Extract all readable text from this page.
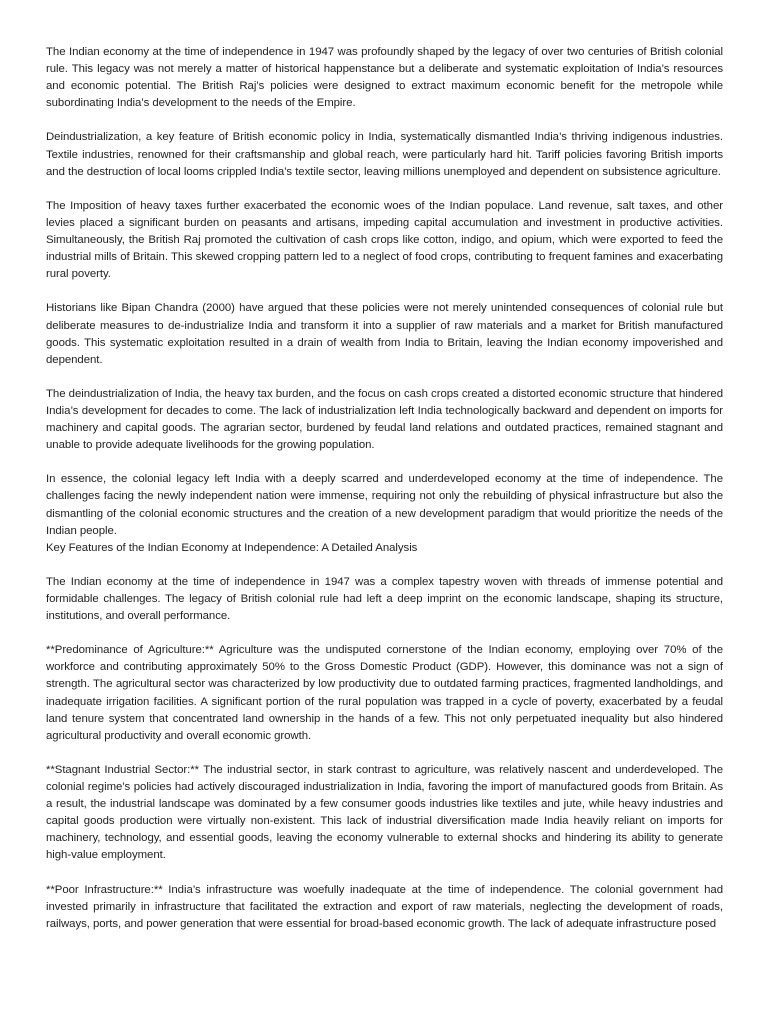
The Indian economy at the time of independence in 1947 was profoundly shaped by the legacy of over two centuries of British colonial rule. This legacy was not merely a matter of historical happenstance but a deliberate and systematic exploitation of India’s resources and economic potential. The British Raj’s policies were designed to extract maximum economic benefit for the metropole while subordinating India’s development to the needs of the Empire.

Deindustrialization, a key feature of British economic policy in India, systematically dismantled India’s thriving indigenous industries. Textile industries, renowned for their craftsmanship and global reach, were particularly hard hit. Tariff policies favoring British imports and the destruction of local looms crippled India’s textile sector, leaving millions unemployed and dependent on subsistence agriculture.

The Imposition of heavy taxes further exacerbated the economic woes of the Indian populace. Land revenue, salt taxes, and other levies placed a significant burden on peasants and artisans, impeding capital accumulation and investment in productive activities. Simultaneously, the British Raj promoted the cultivation of cash crops like cotton, indigo, and opium, which were exported to feed the industrial mills of Britain. This skewed cropping pattern led to a neglect of food crops, contributing to frequent famines and exacerbating rural poverty.

Historians like Bipan Chandra (2000) have argued that these policies were not merely unintended consequences of colonial rule but deliberate measures to de-industrialize India and transform it into a supplier of raw materials and a market for British manufactured goods. This systematic exploitation resulted in a drain of wealth from India to Britain, leaving the Indian economy impoverished and dependent.

The deindustrialization of India, the heavy tax burden, and the focus on cash crops created a distorted economic structure that hindered India’s development for decades to come. The lack of industrialization left India technologically backward and dependent on imports for machinery and capital goods. The agrarian sector, burdened by feudal land relations and outdated practices, remained stagnant and unable to provide adequate livelihoods for the growing population.

In essence, the colonial legacy left India with a deeply scarred and underdeveloped economy at the time of independence. The challenges facing the newly independent nation were immense, requiring not only the rebuilding of physical infrastructure but also the dismantling of the colonial economic structures and the creation of a new development paradigm that would prioritize the needs of the Indian people.

Key Features of the Indian Economy at Independence: A Detailed Analysis

The Indian economy at the time of independence in 1947 was a complex tapestry woven with threads of immense potential and formidable challenges. The legacy of British colonial rule had left a deep imprint on the economic landscape, shaping its structure, institutions, and overall performance.

**Predominance of Agriculture:** Agriculture was the undisputed cornerstone of the Indian economy, employing over 70% of the workforce and contributing approximately 50% to the Gross Domestic Product (GDP). However, this dominance was not a sign of strength. The agricultural sector was characterized by low productivity due to outdated farming practices, fragmented landholdings, and inadequate irrigation facilities. A significant portion of the rural population was trapped in a cycle of poverty, exacerbated by a feudal land tenure system that concentrated land ownership in the hands of a few. This not only perpetuated inequality but also hindered agricultural productivity and overall economic growth.

**Stagnant Industrial Sector:** The industrial sector, in stark contrast to agriculture, was relatively nascent and underdeveloped. The colonial regime’s policies had actively discouraged industrialization in India, favoring the import of manufactured goods from Britain. As a result, the industrial landscape was dominated by a few consumer goods industries like textiles and jute, while heavy industries and capital goods production were virtually non-existent. This lack of industrial diversification made India heavily reliant on imports for machinery, technology, and essential goods, leaving the economy vulnerable to external shocks and hindering its ability to generate high-value employment.

**Poor Infrastructure:** India’s infrastructure was woefully inadequate at the time of independence. The colonial government had invested primarily in infrastructure that facilitated the extraction and export of raw materials, neglecting the development of roads, railways, ports, and power generation that were essential for broad-based economic growth. The lack of adequate infrastructure posed
